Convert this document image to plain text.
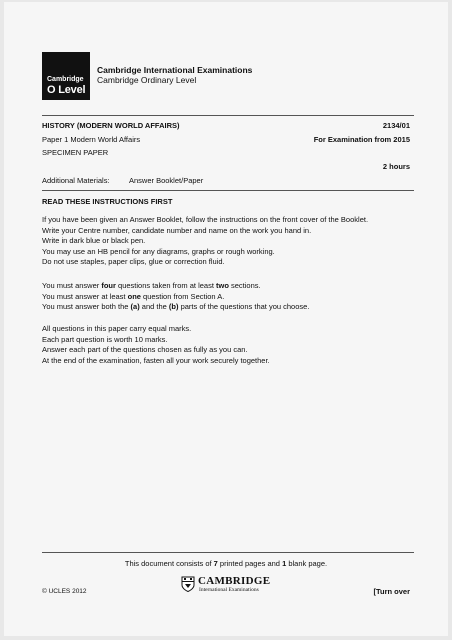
Cambridge
O Level
Cambridge International Examinations
Cambridge Ordinary Level
HISTORY (MODERN WORLD AFFAIRS)	2134/01
Paper 1 Modern World Affairs	For Examination from 2015
SPECIMEN PAPER
2 hours
Additional Materials:	Answer Booklet/Paper
READ THESE INSTRUCTIONS FIRST
If you have been given an Answer Booklet, follow the instructions on the front cover of the Booklet.
Write your Centre number, candidate number and name on the work you hand in.
Write in dark blue or black pen.
You may use an HB pencil for any diagrams, graphs or rough working.
Do not use staples, paper clips, glue or correction fluid.
You must answer four questions taken from at least two sections.
You must answer at least one question from Section A.
You must answer both the (a) and the (b) parts of the questions that you choose.
All questions in this paper carry equal marks.
Each part question is worth 10 marks.
Answer each part of the questions chosen as fully as you can.
At the end of the examination, fasten all your work securely together.
This document consists of 7 printed pages and 1 blank page.
© UCLES 2012
CAMBRIDGE
International Examinations	[Turn over
